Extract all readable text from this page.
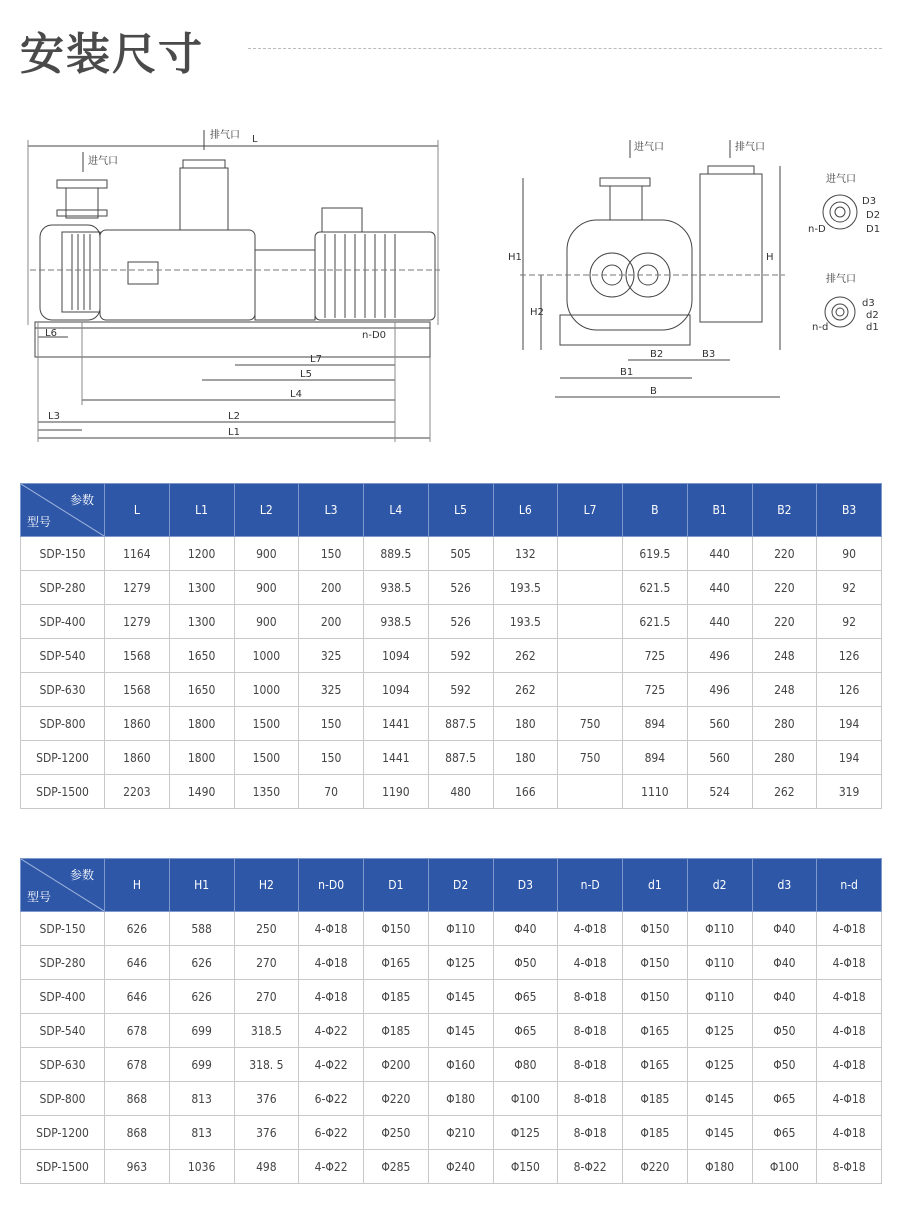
安装尺寸
排气口 L
进气口
L6	n-D0
L7
L5
L4
L2
L3
L1
进气口	排气口
H1
H2
H
B2	B3
B1
B
进气口
D3
D2
D1
n-D
排气口
d3
d2
d1
n-d
参数
型号	L	L1	L2	L3	L4	L5	L6	L7	B	B1	B2	B3
SDP-150	1164	1200	900	150	889.5	505	132		619.5	440	220	90
SDP-280	1279	1300	900	200	938.5	526	193.5		621.5	440	220	92
SDP-400	1279	1300	900	200	938.5	526	193.5		621.5	440	220	92
SDP-540	1568	1650	1000	325	1094	592	262		725	496	248	126
SDP-630	1568	1650	1000	325	1094	592	262		725	496	248	126
SDP-800	1860	1800	1500	150	1441	887.5	180	750	894	560	280	194
SDP-1200	1860	1800	1500	150	1441	887.5	180	750	894	560	280	194
SDP-1500	2203	1490	1350	70	1190	480	166		1110	524	262	319
参数
型号	H	H1	H2	n-D0	D1	D2	D3	n-D	d1	d2	d3	n-d
SDP-150	626	588	250	4-Φ18	Φ150	Φ110	Φ40	4-Φ18	Φ150	Φ110	Φ40	4-Φ18
SDP-280	646	626	270	4-Φ18	Φ165	Φ125	Φ50	4-Φ18	Φ150	Φ110	Φ40	4-Φ18
SDP-400	646	626	270	4-Φ18	Φ185	Φ145	Φ65	8-Φ18	Φ150	Φ110	Φ40	4-Φ18
SDP-540	678	699	318.5	4-Φ22	Φ185	Φ145	Φ65	8-Φ18	Φ165	Φ125	Φ50	4-Φ18
SDP-630	678	699	318. 5	4-Φ22	Φ200	Φ160	Φ80	8-Φ18	Φ165	Φ125	Φ50	4-Φ18
SDP-800	868	813	376	6-Φ22	Φ220	Φ180	Φ100	8-Φ18	Φ185	Φ145	Φ65	4-Φ18
SDP-1200	868	813	376	6-Φ22	Φ250	Φ210	Φ125	8-Φ18	Φ185	Φ145	Φ65	4-Φ18
SDP-1500	963	1036	498	4-Φ22	Φ285	Φ240	Φ150	8-Φ22	Φ220	Φ180	Φ100	8-Φ18
